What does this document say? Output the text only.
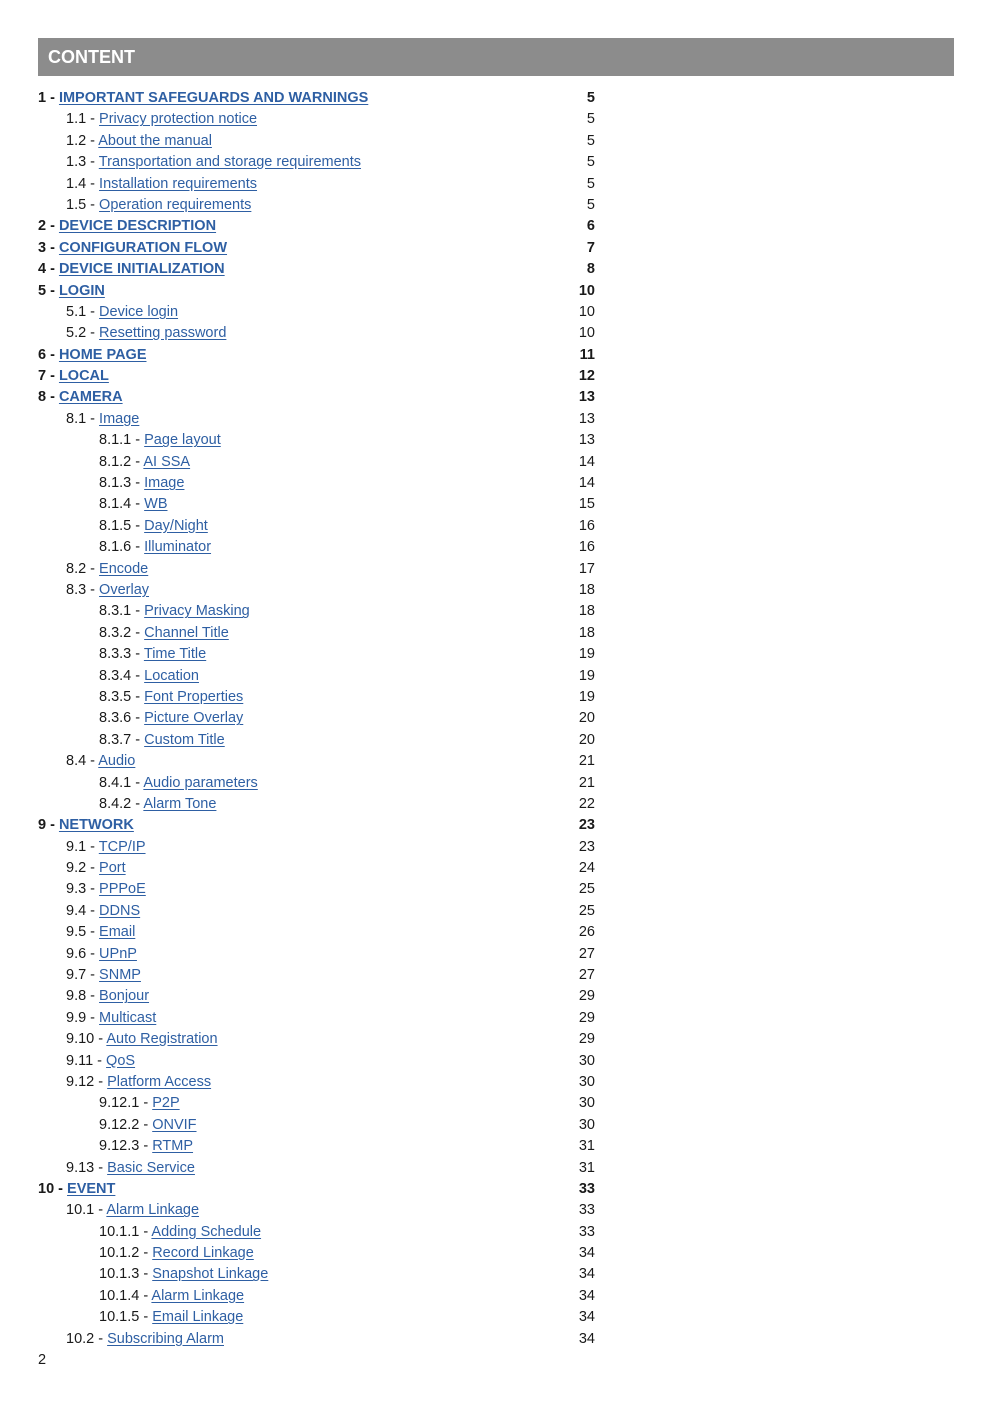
CONTENT
1 - IMPORTANT SAFEGUARDS AND WARNINGS	5
1.1 - Privacy protection notice	5
1.2 - About the manual	5
1.3 - Transportation and storage requirements	5
1.4 - Installation requirements	5
1.5 - Operation requirements	5
2 - DEVICE DESCRIPTION	6
3 - CONFIGURATION FLOW	7
4 - DEVICE INITIALIZATION	8
5 - LOGIN	10
5.1 - Device login	10
5.2 - Resetting password	10
6 - HOME PAGE	11
7 - LOCAL	12
8 - CAMERA	13
8.1 - Image	13
8.1.1 - Page layout	13
8.1.2 - AI SSA	14
8.1.3 - Image	14
8.1.4 - WB	15
8.1.5 - Day/Night	16
8.1.6 - Illuminator	16
8.2 - Encode	17
8.3 - Overlay	18
8.3.1 - Privacy Masking	18
8.3.2 - Channel Title	18
8.3.3 - Time Title	19
8.3.4 - Location	19
8.3.5 - Font Properties	19
8.3.6 - Picture Overlay	20
8.3.7 - Custom Title	20
8.4 - Audio	21
8.4.1 - Audio parameters	21
8.4.2 - Alarm Tone	22
9 - NETWORK	23
9.1 - TCP/IP	23
9.2 - Port	24
9.3 - PPPoE	25
9.4 - DDNS	25
9.5 - Email	26
9.6 - UPnP	27
9.7 - SNMP	27
9.8 - Bonjour	29
9.9 - Multicast	29
9.10 - Auto Registration	29
9.11 - QoS	30
9.12 - Platform Access	30
9.12.1 - P2P	30
9.12.2 - ONVIF	30
9.12.3 - RTMP	31
9.13 - Basic Service	31
10 - EVENT	33
10.1 - Alarm Linkage	33
10.1.1 - Adding Schedule	33
10.1.2 - Record Linkage	34
10.1.3 - Snapshot Linkage	34
10.1.4 - Alarm Linkage	34
10.1.5 - Email Linkage	34
10.2 - Subscribing Alarm	34
2
